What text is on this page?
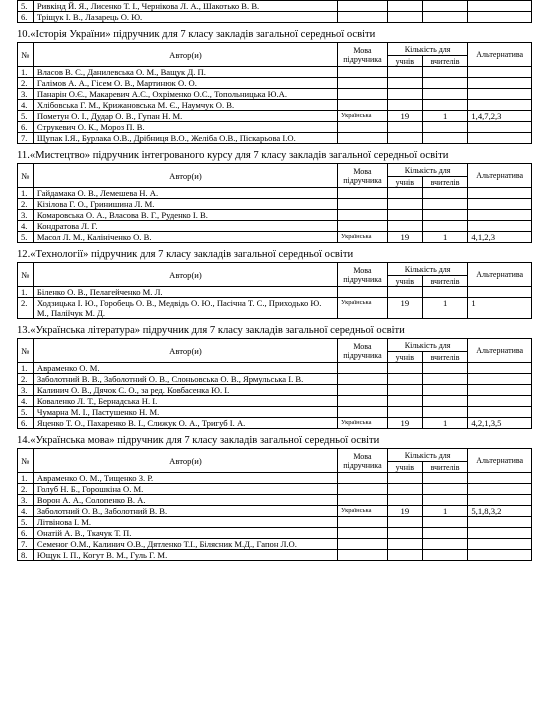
5.	Ривкінд Й. Я., Лисенко Т. І., Чернікова Л. А., Шакотько В. В.				
6.	Тріщук І. В., Лазарець О. Ю.				
10.«Історія України» підручник для 7 класу закладів загальної середньої освіти
№	Автор(и)	Мова підручника	Кількість для		Альтернатива
			учнів	вчителів	
1.	Власов В. С., Данилевська О. М., Ващук Д. П.				
2.	Галімов А. А., Гісем О. В., Мартинюк О. О.				
3.	Панарін О.Є., Макаревич А.С., Охріменко О.С., Топольницька Ю.А.				
4.	Хлібовська Г. М., Крижановська М. Є., Наумчук О. В.				
5.	Пометун О. І., Дудар О. В., Гупан Н. М.	Українська	19	1	1,4,7,2,3
6.	Струкевич О. К., Мороз П. В.				
7.	Щупак І.Я., Бурлака О.В., Дрібниця В.О., Желіба О.В., Піскарьова І.О.				
11.«Мистецтво» підручник інтегрованого курсу для 7 класу закладів загальної середньої освіти
№	Автор(и)	Мова підручника	Кількість для		Альтернатива
			учнів	вчителів	
1.	Гайдамака О. В., Лемешева Н. А.				
2.	Кізілова Г. О., Гринишина Л. М.				
3.	Комаровська О. А., Власова В. Г., Руденко І. В.				
4.	Кондратова Л. Г.				
5.	Масол Л. М., Калініченко О. В.	Українська	19	1	4,1,2,3
12.«Технології» підручник для 7 класу закладів загальної середньої освіти
№	Автор(и)	Мова підручника	Кількість для		Альтернатива
			учнів	вчителів	
1.	Біленко О. В., Пелагейченко М. Л.				
2.	Ходзицька І. Ю., Горобець О. В., Медвідь О. Ю., Пасічна Т. С., Приходько Ю. М., Паліїчук М. Д.	Українська	19	1	1
13.«Українська література» підручник для 7 класу закладів загальної середньої освіти
№	Автор(и)	Мова підручника	Кількість для		Альтернатива
			учнів	вчителів	
1.	Авраменко О. М.				
2.	Заболотний В. В., Заболотний О. В., Слоньовська О. В., Ярмульська І. В.				
3.	Калинич О. В., Дячок С. О., за ред. Ковбасенка Ю. І.				
4.	Коваленко Л. Т., Бернадська Н. І.				
5.	Чумарна М. І., Пастушенко Н. М.				
6.	Яценко Т. О., Пахаренко В. І., Слижук О. А., Тригуб І. А.	Українська	19	1	4,2,1,3,5
14.«Українська мова» підручник для 7 класу закладів загальної середньої освіти
№	Автор(и)	Мова підручника	Кількість для		Альтернатива
			учнів	вчителів	
1.	Авраменко О. М., Тищенко З. Р.				
2.	Голуб Н. Б., Горошкіна О. М.				
3.	Ворон А. А., Солопенко В. А.				
4.	Заболотний О. В., Заболотний В. В.	Українська	19	1	5,1,8,3,2
5.	Літвінова І. М.				
6.	Онатій А. В., Ткачук Т. П.				
7.	Семеног О.М., Калинич О.В., Дятленко Т.І., Білясник М.Д., Гапон Л.О.				
8.	Ющук І. П., Когут В. М., Гуль Г. М.				
